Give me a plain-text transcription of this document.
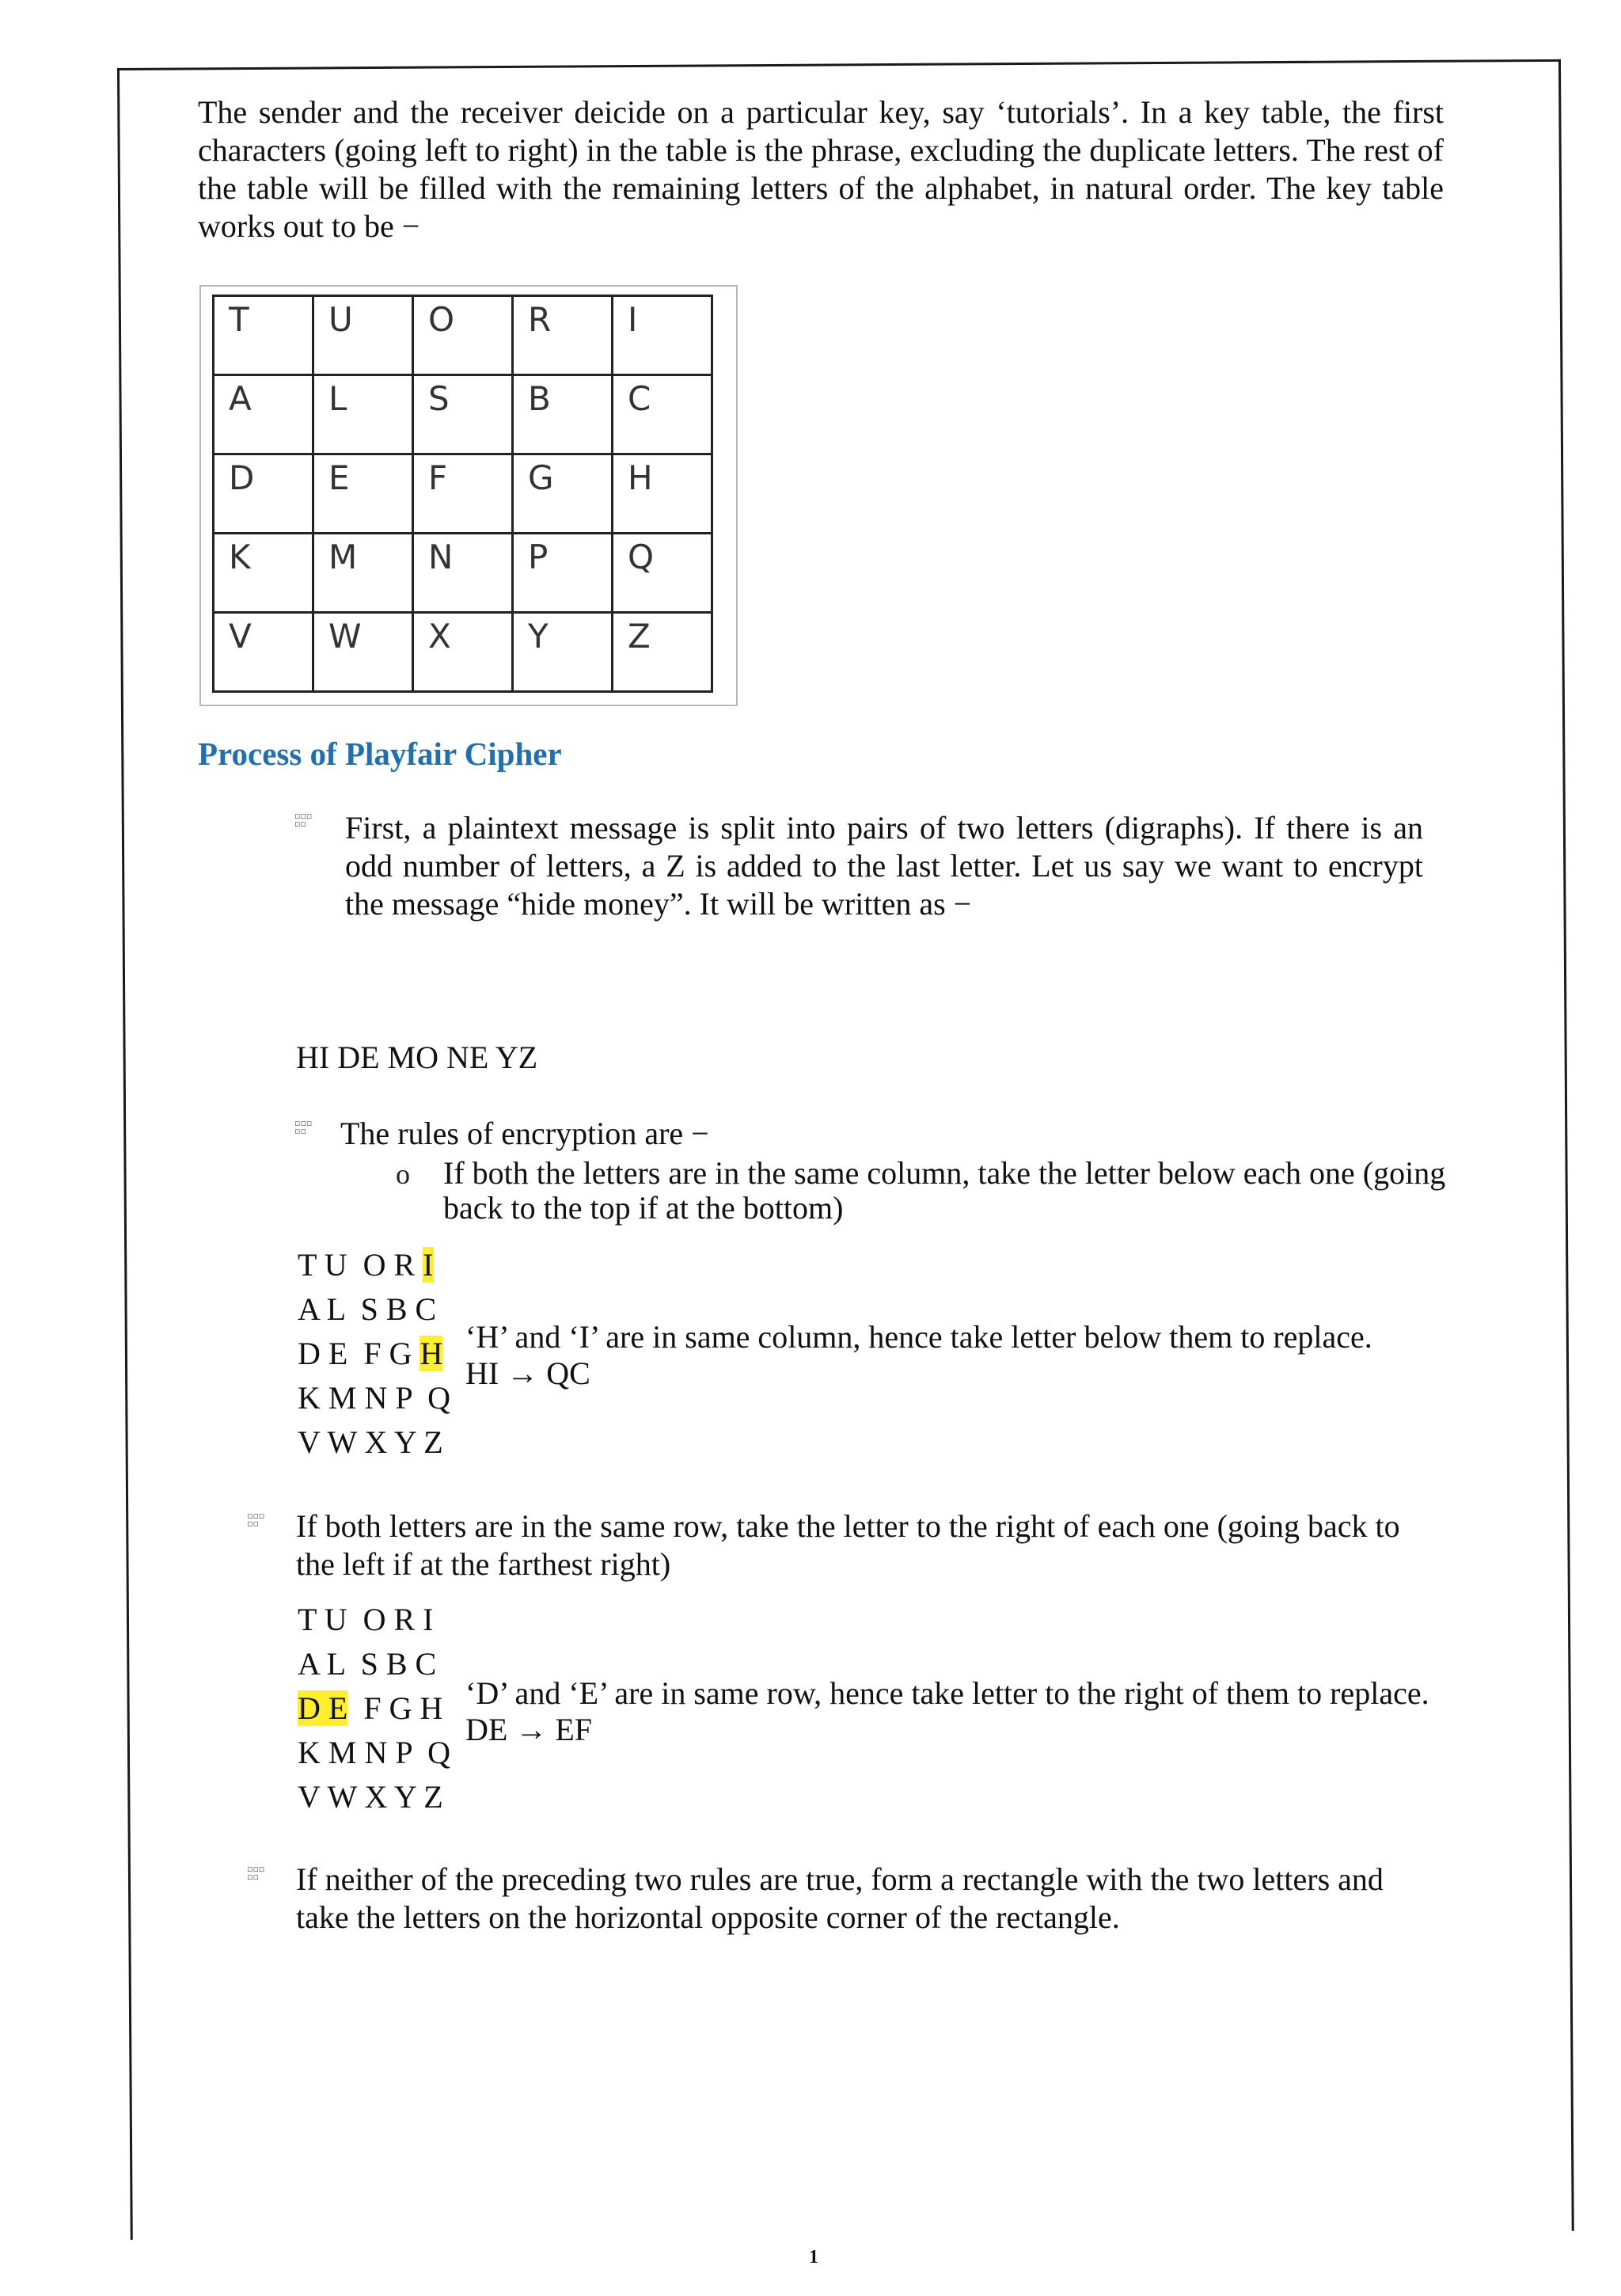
The sender and the receiver deicide on a particular key, say ‘tutorials’. In a key table, the first characters (going left to right) in the table is the phrase, excluding the duplicate letters. The rest of the table will be filled with the remaining letters of the alphabet, in natural order. The key table works out to be −

T	U	O	R	I
A	L	S	B	C
D	E	F	G	H
K	M	N	P	Q
V	W	X	Y	Z
Process of Playfair Cipher
▫▫▫
▫▫ First, a plaintext message is split into pairs of two letters (digraphs). If there is an odd number of letters, a Z is added to the last letter. Let us say we want to encrypt the message “hide money”. It will be written as −

HI DE MO NE YZ
▫▫▫
▫▫ The rules of encryption are −
o If both the letters are in the same column, take the letter below each one (going back to the top if at the bottom)

T U  O R I
A L  S B C
D E  F G H
K M N P  Q
V W X Y Z
‘H’ and ‘I’ are in same column, hence take letter below them to replace.
HI → QC
▫▫▫
▫▫ If both letters are in the same row, take the letter to the right of each one (going back to the left if at the farthest right)

T U  O R I
A L  S B C
D E  F G H
K M N P  Q
V W X Y Z
‘D’ and ‘E’ are in same row, hence take letter to the right of them to replace. DE → EF
▫▫▫
▫▫ If neither of the preceding two rules are true, form a rectangle with the two letters and take the letters on the horizontal opposite corner of the rectangle.

1
